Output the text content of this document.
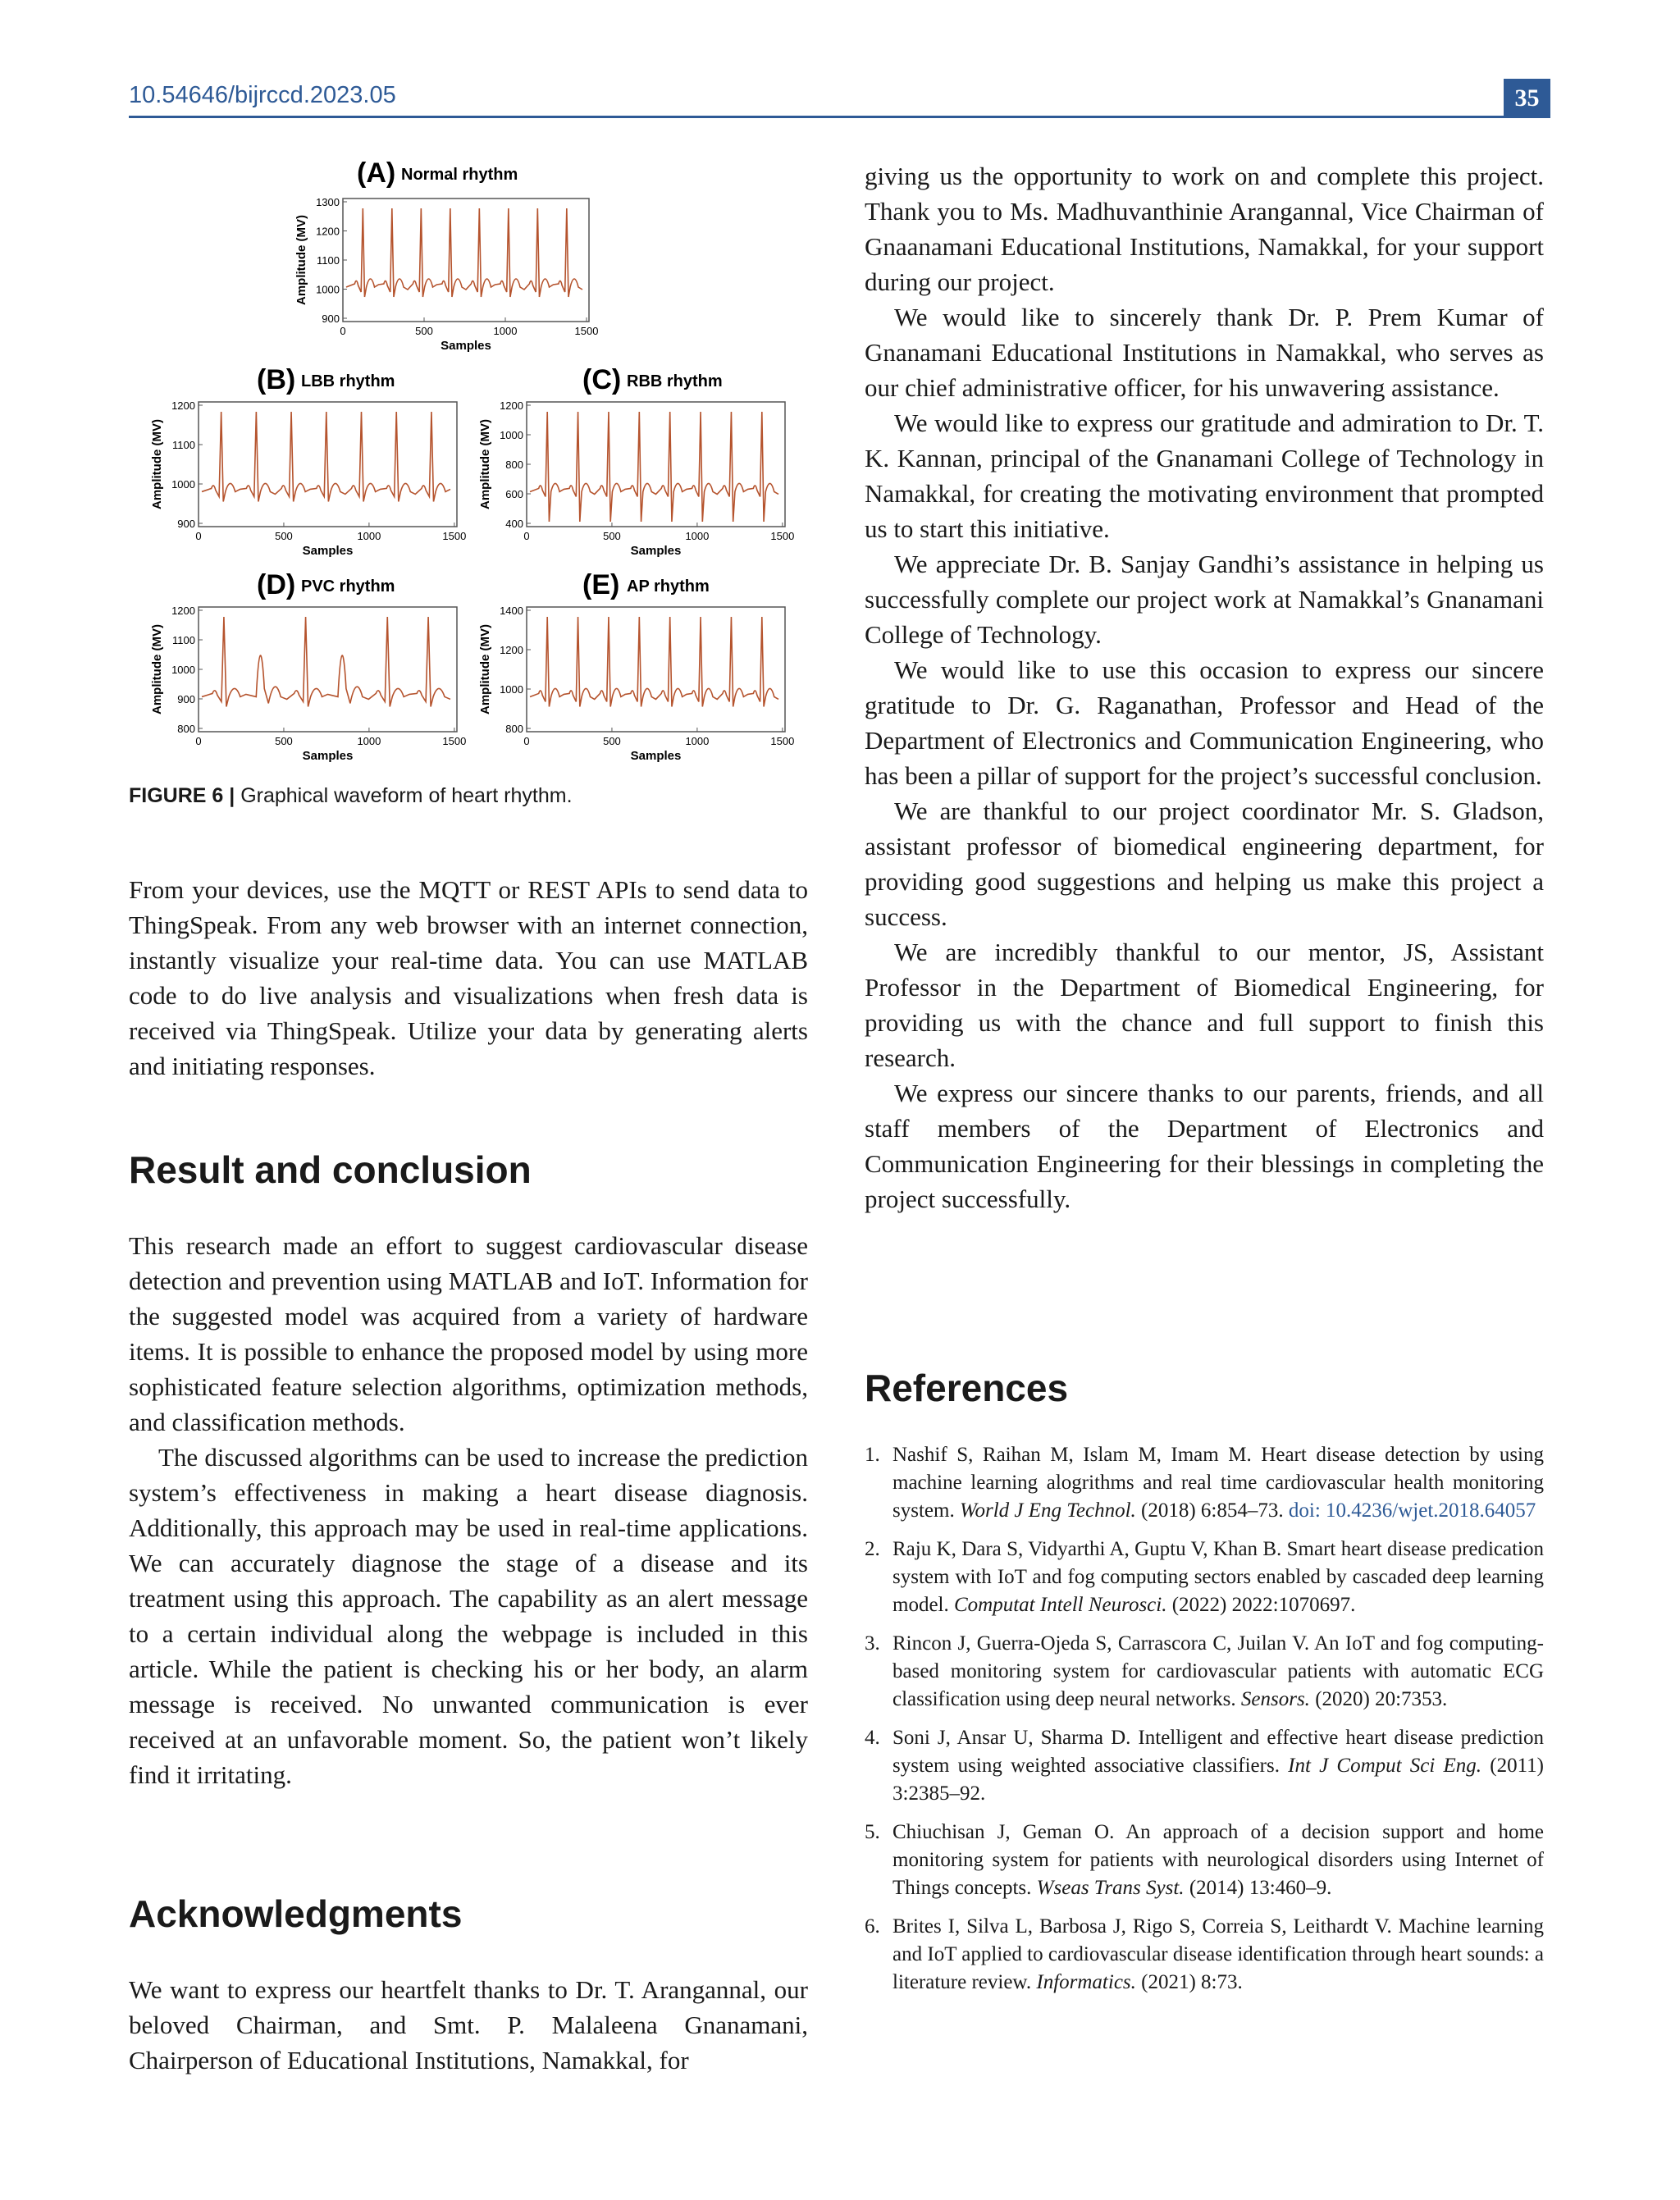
10.54646/bijrccd.2023.05	35
(A) Normal rhythm
(B) LBB rhythm	(C) RBB rhythm
(D) PVC rhythm	(E) AP rhythm
1300
1200
1100
1000
900
0	500	1000	1500
Samples
Amplitude (MV)
1200
1100
1000
900
0	500	1000	1500
Samples
Amplitude (MV)
1200
1000
800
600
400
0	500	1000	1500
Samples
Amplitude (MV)
1200
1100
1000
900
800
0	500	1000	1500
Samples
Amplitude (MV)
1400
1200
1000
800
0	500	1000	1500
Samples
Amplitude (MV)
FIGURE 6 | Graphical waveform of heart rhythm.

From your devices, use the MQTT or REST APIs to send data to ThingSpeak. From any web browser with an internet connection, instantly visualize your real-time data. You can use MATLAB code to do live analysis and visualizations when fresh data is received via ThingSpeak. Utilize your data by generating alerts and initiating responses.

Result and conclusion

This research made an effort to suggest cardiovascular disease detection and prevention using MATLAB and IoT. Information for the suggested model was acquired from a variety of hardware items. It is possible to enhance the proposed model by using more sophisticated feature selection algorithms, optimization methods, and classification methods.

The discussed algorithms can be used to increase the prediction system’s effectiveness in making a heart disease diagnosis. Additionally, this approach may be used in real-time applications. We can accurately diagnose the stage of a disease and its treatment using this approach. The capability as an alert message to a certain individual along the webpage is included in this article. While the patient is checking his or her body, an alarm message is received. No unwanted communication is ever received at an unfavorable moment. So, the patient won’t likely find it irritating.

Acknowledgments

We want to express our heartfelt thanks to Dr. T. Arangannal, our beloved Chairman, and Smt. P. Malaleena Gnanamani, Chairperson of Educational Institutions, Namakkal, for

giving us the opportunity to work on and complete this project. Thank you to Ms. Madhuvanthinie Arangannal, Vice Chairman of Gnaanamani Educational Institutions, Namakkal, for your support during our project.

We would like to sincerely thank Dr. P. Prem Kumar of Gnanamani Educational Institutions in Namakkal, who serves as our chief administrative officer, for his unwavering assistance.

We would like to express our gratitude and admiration to Dr. T. K. Kannan, principal of the Gnanamani College of Technology in Namakkal, for creating the motivating environment that prompted us to start this initiative.

We appreciate Dr. B. Sanjay Gandhi’s assistance in helping us successfully complete our project work at Namakkal’s Gnanamani College of Technology.

We would like to use this occasion to express our sincere gratitude to Dr. G. Raganathan, Professor and Head of the Department of Electronics and Communication Engineering, who has been a pillar of support for the project’s successful conclusion.

We are thankful to our project coordinator Mr. S. Gladson, assistant professor of biomedical engineering department, for providing good suggestions and helping us make this project a success.

We are incredibly thankful to our mentor, JS, Assistant Professor in the Department of Biomedical Engineering, for providing us with the chance and full support to finish this research.

We express our sincere thanks to our parents, friends, and all staff members of the Department of Electronics and Communication Engineering for their blessings in completing the project successfully.

References
1. Nashif S, Raihan M, Islam M, Imam M. Heart disease detection by using machine learning alogrithms and real time cardiovascular health monitoring system. World J Eng Technol. (2018) 6:854–73. doi: 10.4236/wjet.2018.64057
2. Raju K, Dara S, Vidyarthi A, Guptu V, Khan B. Smart heart disease predication system with IoT and fog computing sectors enabled by cascaded deep learning model. Computat Intell Neurosci. (2022) 2022:1070697.
3. Rincon J, Guerra-Ojeda S, Carrascora C, Juilan V. An IoT and fog computing-based monitoring system for cardiovascular patients with automatic ECG classification using deep neural networks. Sensors. (2020) 20:7353.
4. Soni J, Ansar U, Sharma D. Intelligent and effective heart disease prediction system using weighted associative classifiers. Int J Comput Sci Eng. (2011) 3:2385–92.
5. Chiuchisan J, Geman O. An approach of a decision support and home monitoring system for patients with neurological disorders using Internet of Things concepts. Wseas Trans Syst. (2014) 13:460–9.
6. Brites I, Silva L, Barbosa J, Rigo S, Correia S, Leithardt V. Machine learning and IoT applied to cardiovascular disease identification through heart sounds: a literature review. Informatics. (2021) 8:73.
